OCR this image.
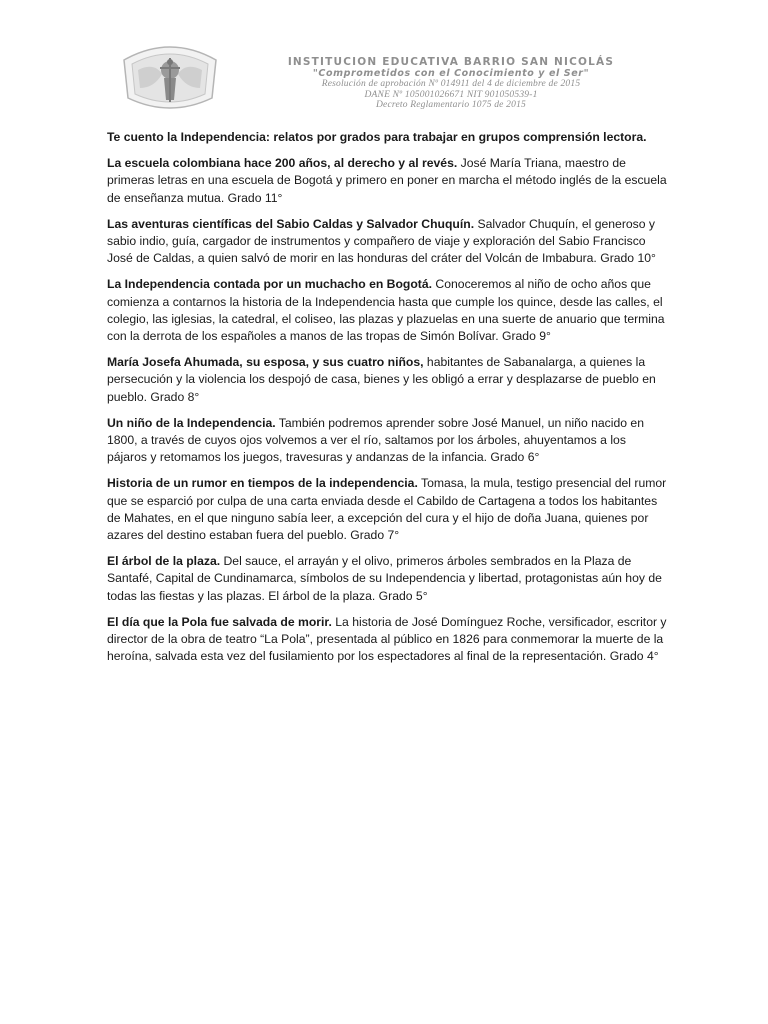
INSTITUCION EDUCATIVA BARRIO SAN NICOLÁS
"Comprometidos con el Conocimiento y el Ser"
Resolución de aprobación Nº 014911 del 4 de diciembre de 2015
DANE Nº 105001026671 NIT 901050539-1
Decreto Reglamentario 1075 de 2015

Te cuento la Independencia: relatos por grados para trabajar en grupos comprensión lectora.

La escuela colombiana hace 200 años, al derecho y al revés. José María Triana, maestro de primeras letras en una escuela de Bogotá y primero en poner en marcha el método inglés de la escuela de enseñanza mutua. Grado 11°

Las aventuras científicas del Sabio Caldas y Salvador Chuquín. Salvador Chuquín, el generoso y sabio indio, guía, cargador de instrumentos y compañero de viaje y exploración del Sabio Francisco José de Caldas, a quien salvó de morir en las honduras del cráter del Volcán de Imbabura. Grado 10°

La Independencia contada por un muchacho en Bogotá. Conoceremos al niño de ocho años que comienza a contarnos la historia de la Independencia hasta que cumple los quince, desde las calles, el colegio, las iglesias, la catedral, el coliseo, las plazas y plazuelas en una suerte de anuario que termina con la derrota de los españoles a manos de las tropas de Simón Bolívar. Grado 9°

María Josefa Ahumada, su esposa, y sus cuatro niños, habitantes de Sabanalarga, a quienes la persecución y la violencia los despojó de casa, bienes y les obligó a errar y desplazarse de pueblo en pueblo. Grado 8°

Un niño de la Independencia. También podremos aprender sobre José Manuel, un niño nacido en 1800, a través de cuyos ojos volvemos a ver el río, saltamos por los árboles, ahuyentamos a los pájaros y retomamos los juegos, travesuras y andanzas de la infancia. Grado 6°

Historia de un rumor en tiempos de la independencia. Tomasa, la mula, testigo presencial del rumor que se esparció por culpa de una carta enviada desde el Cabildo de Cartagena a todos los habitantes de Mahates, en el que ninguno sabía leer, a excepción del cura y el hijo de doña Juana, quienes por azares del destino estaban fuera del pueblo. Grado 7°

El árbol de la plaza. Del sauce, el arrayán y el olivo, primeros árboles sembrados en la Plaza de Santafé, Capital de Cundinamarca, símbolos de su Independencia y libertad, protagonistas aún hoy de todas las fiestas y las plazas. El árbol de la plaza. Grado 5°

El día que la Pola fue salvada de morir. La historia de José Domínguez Roche, versificador, escritor y director de la obra de teatro “La Pola”, presentada al público en 1826 para conmemorar la muerte de la heroína, salvada esta vez del fusilamiento por los espectadores al final de la representación. Grado 4°
